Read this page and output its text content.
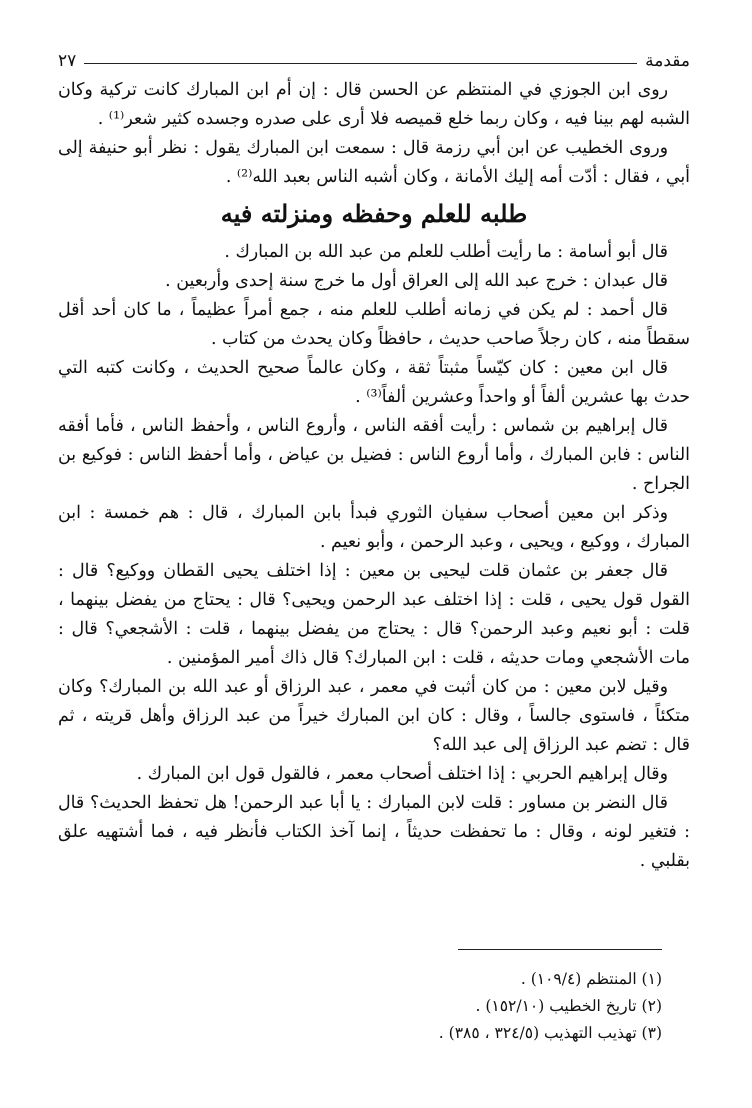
مقدمة
٢٧

روى ابن الجوزي في المنتظم عن الحسن قال : إن أم ابن المبارك كانت تركية وكان الشبه لهم بينا فيه ، وكان ربما خلع قميصه فلا أرى على صدره وجسده كثير شعر⁽¹⁾ .

وروى الخطيب عن ابن أبي رزمة قال : سمعت ابن المبارك يقول : نظر أبو حنيفة إلى أبي ، فقال : أدّت أمه إليك الأمانة ، وكان أشبه الناس بعبد الله⁽²⁾ .

طلبه للعلم وحفظه ومنزلته فيه

قال أبو أسامة : ما رأيت أطلب للعلم من عبد الله بن المبارك .

قال عبدان : خرج عبد الله إلى العراق أول ما خرج سنة إحدى وأربعين .

قال أحمد : لم يكن في زمانه أطلب للعلم منه ، جمع أمراً عظيماً ، ما كان أحد أقل سقطاً منه ، كان رجلاً صاحب حديث ، حافظاً وكان يحدث من كتاب .

قال ابن معين : كان كيّساً مثبتاً ثقة ، وكان عالماً صحيح الحديث ، وكانت كتبه التي حدث بها عشرين ألفاً أو واحداً وعشرين ألفاً⁽³⁾ .

قال إبراهيم بن شماس : رأيت أفقه الناس ، وأروع الناس ، وأحفظ الناس ، فأما أفقه الناس : فابن المبارك ، وأما أروع الناس : فضيل بن عياض ، وأما أحفظ الناس : فوكيع بن الجراح .

وذكر ابن معين أصحاب سفيان الثوري فبدأ بابن المبارك ، قال : هم خمسة : ابن المبارك ، ووكيع ، ويحيى ، وعبد الرحمن ، وأبو نعيم .

قال جعفر بن عثمان قلت ليحيى بن معين : إذا اختلف يحيى القطان ووكيع؟ قال : القول قول يحيى ، قلت : إذا اختلف عبد الرحمن ويحيى؟ قال : يحتاج من يفضل بينهما ، قلت : أبو نعيم وعبد الرحمن؟ قال : يحتاج من يفضل بينهما ، قلت : الأشجعي؟ قال : مات الأشجعي ومات حديثه ، قلت : ابن المبارك؟ قال ذاك أمير المؤمنين .

وقيل لابن معين : من كان أثبت في معمر ، عبد الرزاق أو عبد الله بن المبارك؟ وكان متكئاً ، فاستوى جالساً ، وقال : كان ابن المبارك خيراً من عبد الرزاق وأهل قريته ، ثم قال : تضم عبد الرزاق إلى عبد الله؟

وقال إبراهيم الحربي : إذا اختلف أصحاب معمر ، فالقول قول ابن المبارك .

قال النضر بن مساور : قلت لابن المبارك : يا أبا عبد الرحمن! هل تحفظ الحديث؟ قال : فتغير لونه ، وقال : ما تحفظت حديثاً ، إنما آخذ الكتاب فأنظر فيه ، فما أشتهيه علق بقلبي .

(١) المنتظم (١٠٩/٤) .
(٢) تاريخ الخطيب (١٥٢/١٠) .
(٣) تهذيب التهذيب (٣٢٤/٥ ، ٣٨٥) .
